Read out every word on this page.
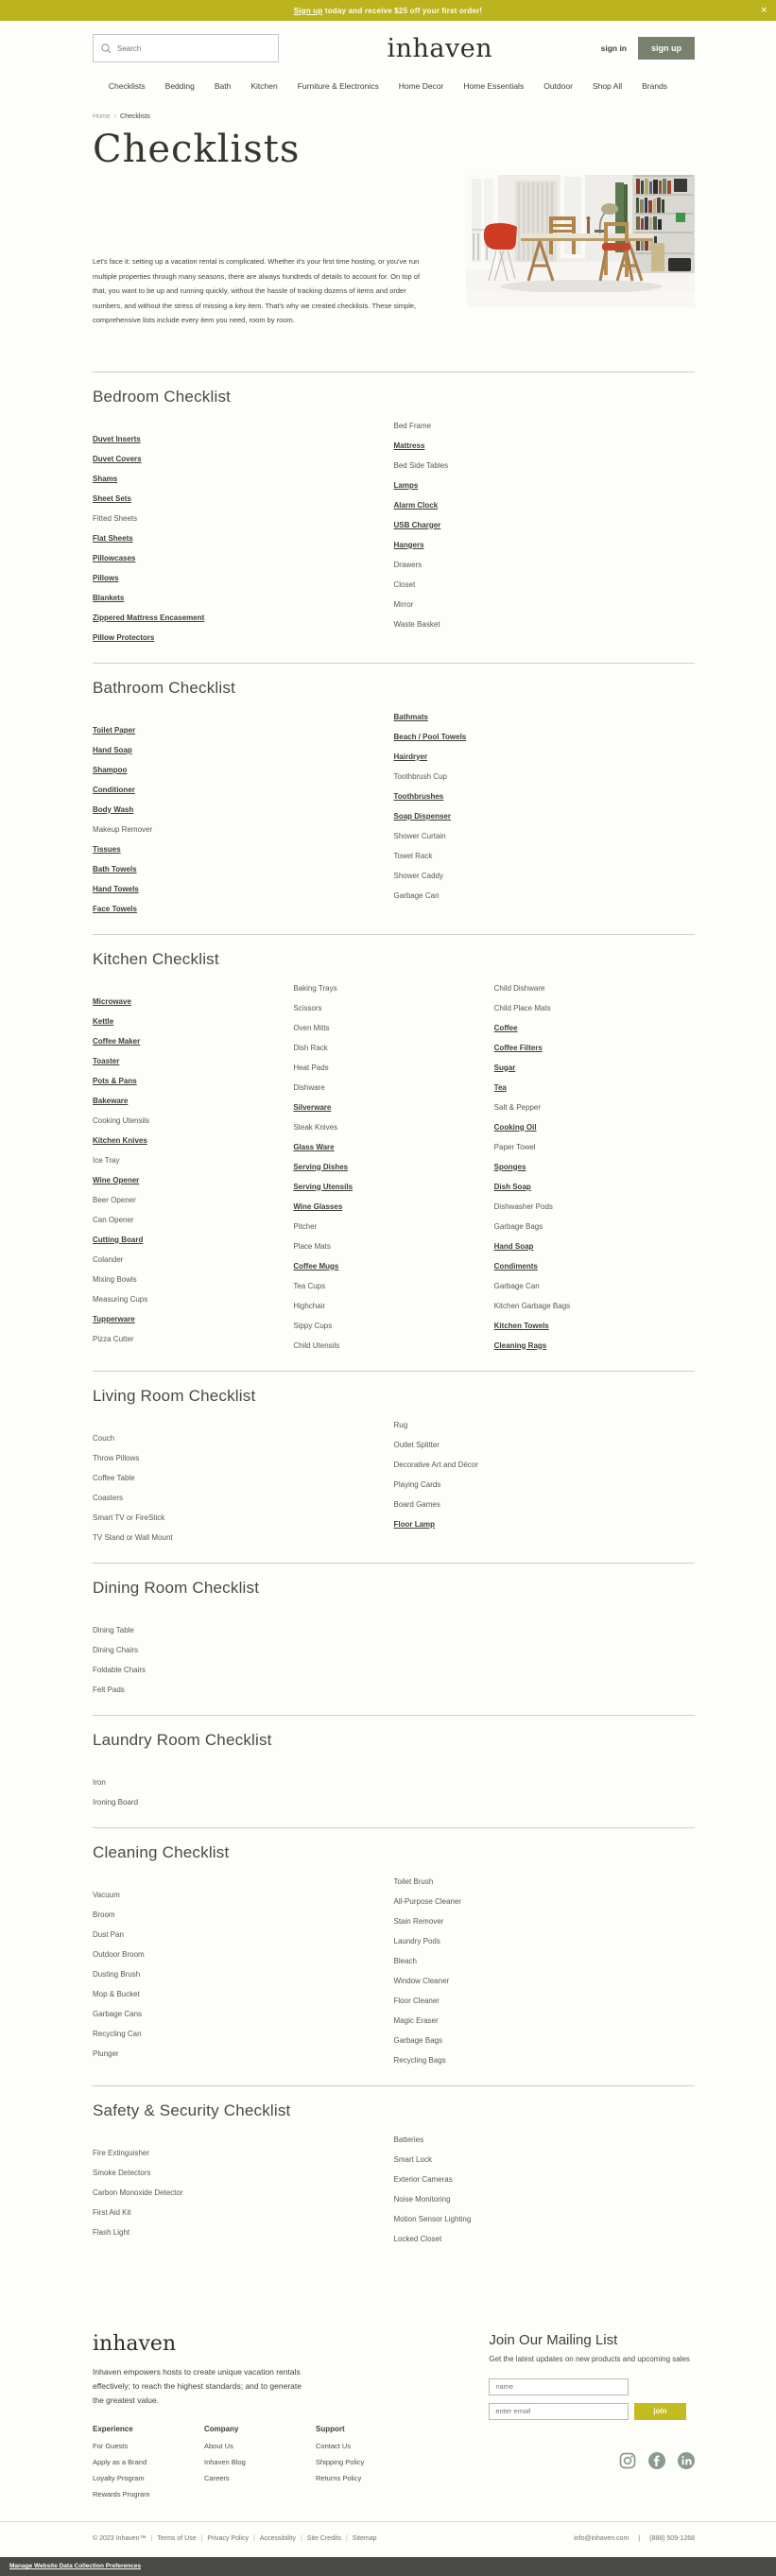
Sign up today and receive $25 off your first order!	✕
Search
inhaven	sign in	sign up
Checklists Bedding Bath Kitchen Furniture & Electronics Home Decor Home Essentials Outdoor Shop All Brands
Home › Checklists
Checklists

Let's face it: setting up a vacation rental is complicated. Whether it's your first time hosting, or you've run multiple properties through many seasons, there are always hundreds of details to account for. On top of that, you want to be up and running quickly, without the hassle of tracking dozens of items and order numbers, and without the stress of missing a key item. That's why we created checklists. These simple, comprehensive lists include every item you need, room by room.

Bedroom Checklist
Duvet Inserts
Duvet Covers
Shams
Sheet Sets
Fitted Sheets
Flat Sheets
Pillowcases
Pillows
Blankets
Zippered Mattress Encasement
Pillow Protectors
Bed Frame
Mattress
Bed Side Tables
Lamps
Alarm Clock
USB Charger
Hangers
Drawers
Closet
Mirror
Waste Basket
Bathroom Checklist
Toilet Paper
Hand Soap
Shampoo
Conditioner
Body Wash
Makeup Remover
Tissues
Bath Towels
Hand Towels
Face Towels
Bathmats
Beach / Pool Towels
Hairdryer
Toothbrush Cup
Toothbrushes
Soap Dispenser
Shower Curtain
Towel Rack
Shower Caddy
Garbage Can
Kitchen Checklist
Microwave
Kettle
Coffee Maker
Toaster
Pots & Pans
Bakeware
Cooking Utensils
Kitchen Knives
Ice Tray
Wine Opener
Beer Opener
Can Opener
Cutting Board
Colander
Mixing Bowls
Measuring Cups
Tupperware
Pizza Cutter
Baking Trays
Scissors
Oven Mitts
Dish Rack
Heat Pads
Dishware
Silverware
Steak Knives
Glass Ware
Serving Dishes
Serving Utensils
Wine Glasses
Pitcher
Place Mats
Coffee Mugs
Tea Cups
Highchair
Sippy Cups
Child Utensils
Child Dishware
Child Place Mats
Coffee
Coffee Filters
Sugar
Tea
Salt & Pepper
Cooking Oil
Paper Towel
Sponges
Dish Soap
Dishwasher Pods
Garbage Bags
Hand Soap
Condiments
Garbage Can
Kitchen Garbage Bags
Kitchen Towels
Cleaning Rags
Living Room Checklist
Couch
Throw Pillows
Coffee Table
Coasters
Smart TV or FireStick
TV Stand or Wall Mount
Rug
Outlet Splitter
Decorative Art and Décor
Playing Cards
Board Games
Floor Lamp
Dining Room Checklist
Dining Table
Dining Chairs
Foldable Chairs
Felt Pads
Laundry Room Checklist
Iron
Ironing Board
Cleaning Checklist
Vacuum
Broom
Dust Pan
Outdoor Broom
Dusting Brush
Mop & Bucket
Garbage Cans
Recycling Can
Plunger
Toilet Brush
All-Purpose Cleaner
Stain Remover
Laundry Pods
Bleach
Window Cleaner
Floor Cleaner
Magic Eraser
Garbage Bags
Recycling Bags
Safety & Security Checklist
Fire Extinguisher
Smoke Detectors
Carbon Monoxide Detector
First Aid Kit
Flash Light
Batteries
Smart Lock
Exterior Cameras
Noise Monitoring
Motion Sensor Lighting
Locked Closet
inhaven

Inhaven empowers hosts to create unique vacation rentals effectively; to reach the highest standards; and to generate the greatest value.

Experience
For Guests
Apply as a Brand
Loyalty Program
Rewards Program
Company
About Us
Inhaven Blog
Careers
Support
Contact Us
Shipping Policy
Returns Policy
Join Our Mailing List

Get the latest updates on new products and upcoming sales

name
enter email
join
© 2023 Inhaven™ | Terms of Use | Privacy Policy | Accessibility | Site Credits | Sitemap	info@inhaven.com | (888) 509-1268
Manage Website Data Collection Preferences
